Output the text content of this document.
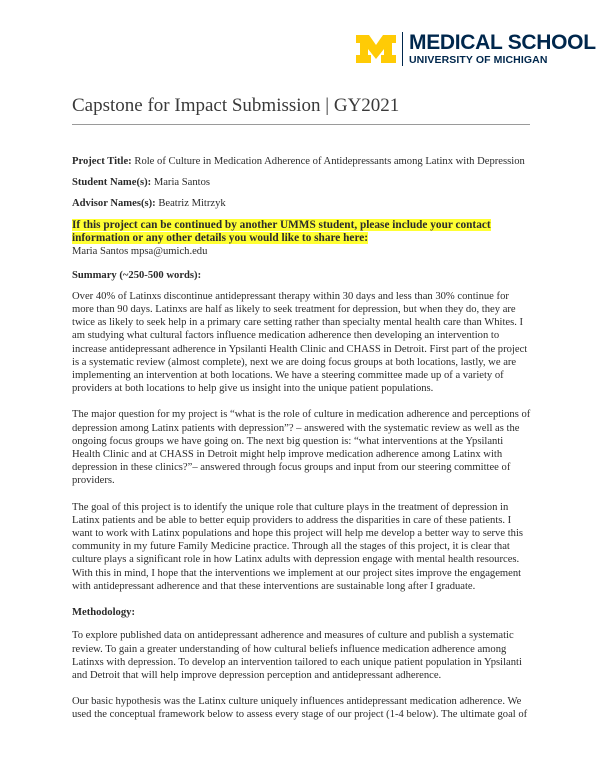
MEDICAL SCHOOL
UNIVERSITY OF MICHIGAN
Capstone for Impact Submission | GY2021

Project Title: Role of Culture in Medication Adherence of Antidepressants among Latinx with Depression

Student Name(s): Maria Santos

Advisor Names(s): Beatriz Mitrzyk

If this project can be continued by another UMMS student, please include your contact information or any other details you would like to share here:

Maria Santos mpsa@umich.edu

Summary (~250-500 words):

Over 40% of Latinxs discontinue antidepressant therapy within 30 days and less than 30% continue for more than 90 days. Latinxs are half as likely to seek treatment for depression, but when they do, they are twice as likely to seek help in a primary care setting rather than specialty mental health care than Whites. I am studying what cultural factors influence medication adherence then developing an intervention to increase antidepressant adherence in Ypsilanti Health Clinic and CHASS in Detroit. First part of the project is a systematic review (almost complete), next we are doing focus groups at both locations, lastly, we are implementing an intervention at both locations. We have a steering committee made up of a variety of providers at both locations to help give us insight into the unique patient populations.

The major question for my project is “what is the role of culture in medication adherence and perceptions of depression among Latinx patients with depression”? – answered with the systematic review as well as the ongoing focus groups we have going on. The next big question is: “what interventions at the Ypsilanti Health Clinic and at CHASS in Detroit might help improve medication adherence among Latinx with depression in these clinics?”– answered through focus groups and input from our steering committee of providers.

The goal of this project is to identify the unique role that culture plays in the treatment of depression in Latinx patients and be able to better equip providers to address the disparities in care of these patients. I want to work with Latinx populations and hope this project will help me develop a better way to serve this community in my future Family Medicine practice. Through all the stages of this project, it is clear that culture plays a significant role in how Latinx adults with depression engage with mental health resources. With this in mind, I hope that the interventions we implement at our project sites improve the engagement with antidepressant adherence and that these interventions are sustainable long after I graduate.

Methodology:

To explore published data on antidepressant adherence and measures of culture and publish a systematic review. To gain a greater understanding of how cultural beliefs influence medication adherence among Latinxs with depression. To develop an intervention tailored to each unique patient population in Ypsilanti and Detroit that will help improve depression perception and antidepressant adherence.

Our basic hypothesis was the Latinx culture uniquely influences antidepressant medication adherence. We used the conceptual framework below to assess every stage of our project (1-4 below). The ultimate goal of
